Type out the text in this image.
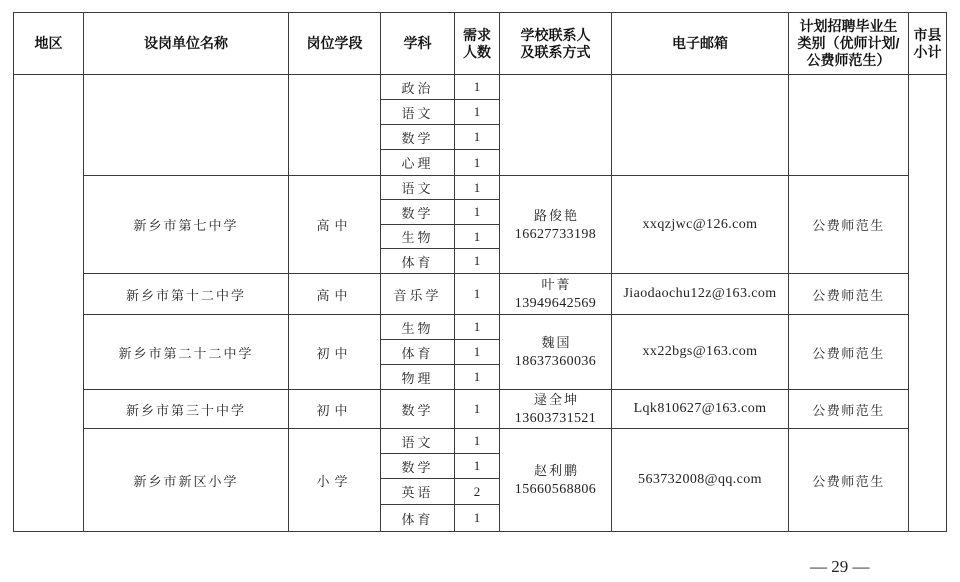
地区	设岗单位名称	岗位学段	学科	需求
人数	学校联系人
及联系方式	电子邮箱	计划招聘毕业生
类别（优师计划/
公费师范生）	市县
小计
			政治	1				
			语文	1				
			数学	1				
			心理	1				
	新乡市第七中学	高中	语文	1	路俊艳
16627733198	xxqzjwc@126.com	公费师范生	
			数学	1				
			生物	1				
			体育	1				
	新乡市第十二中学	高中	音乐学	1	叶菁
13949642569	Jiaodaochu12z@163.com	公费师范生	
	新乡市第二十二中学	初中	生物	1	魏国
18637360036	xx22bgs@163.com	公费师范生	
			体育	1				
			物理	1				
	新乡市第三十中学	初中	数学	1	逯全坤
13603731521	Lqk810627@163.com	公费师范生	
	新乡市新区小学	小学	语文	1	赵利鹏
15660568806	563732008@qq.com	公费师范生	
			数学	1				
			英语	2				
			体育	1				
— 29 —
